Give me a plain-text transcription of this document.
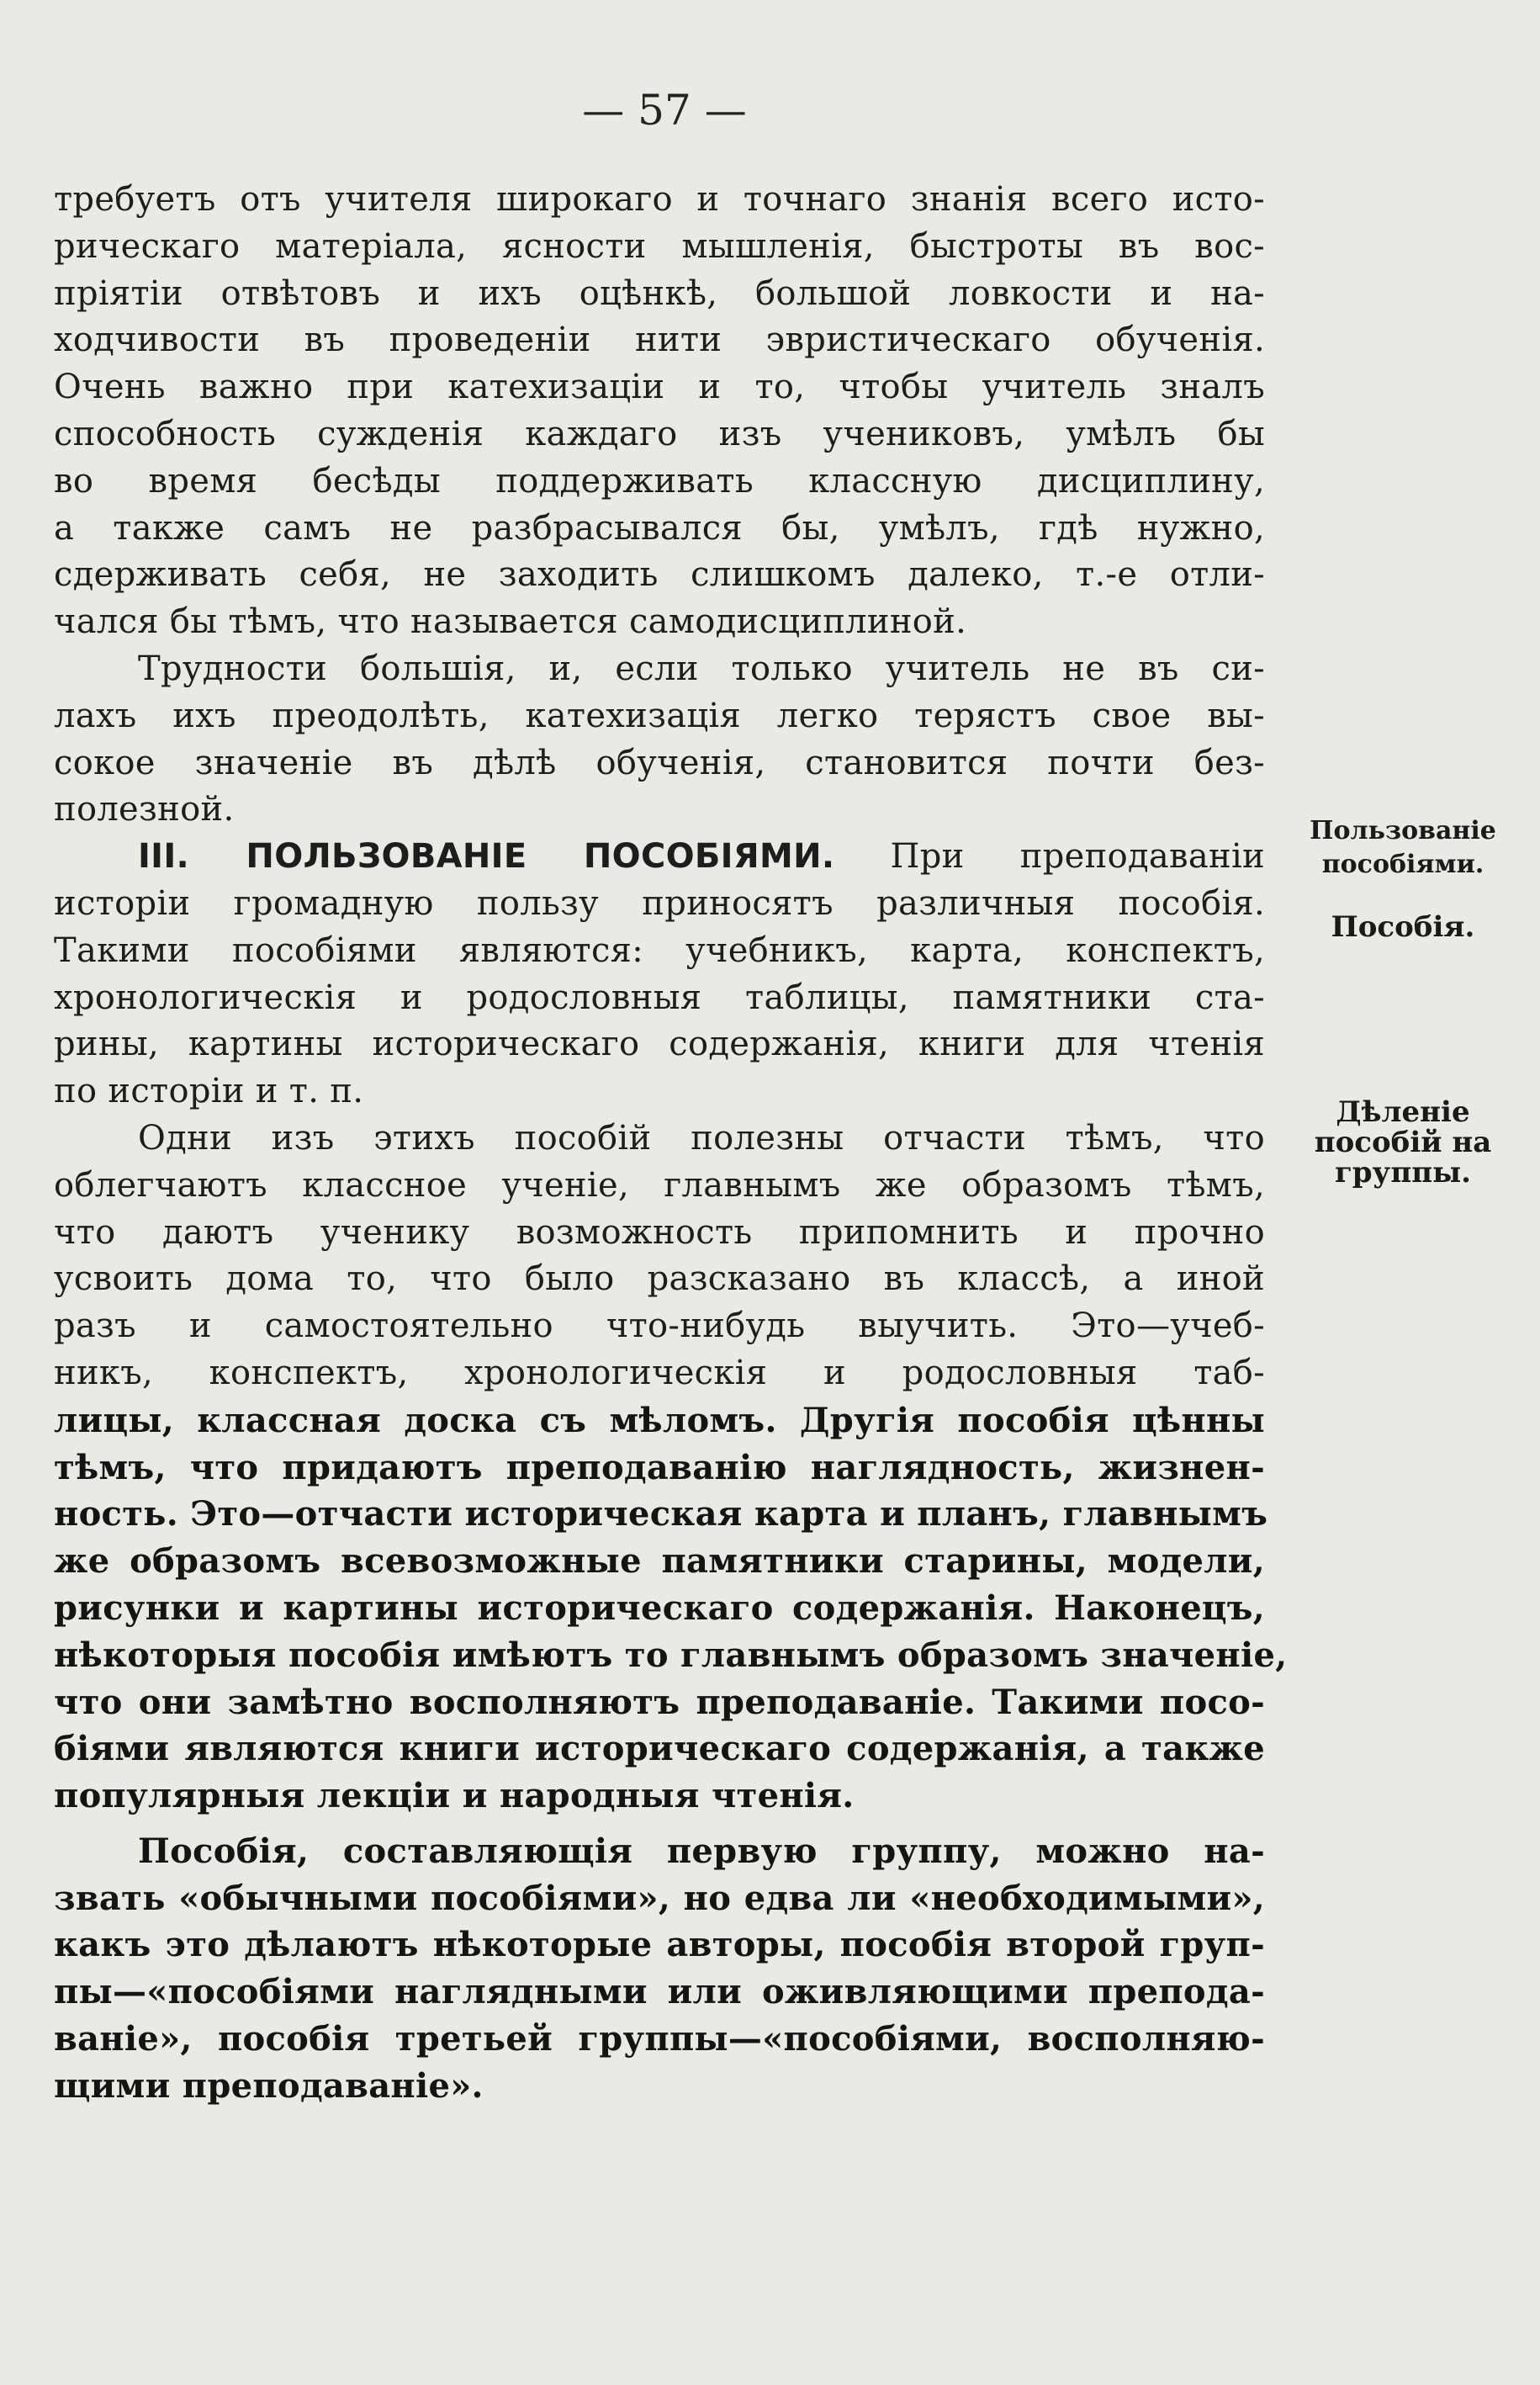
— 57 —
требуетъ отъ учителя широкаго и точнаго знанія всего исто-
рическаго матеріала, ясности мышленія, быстроты въ вос-
пріятіи отвѣтовъ и ихъ оцѣнкѣ, большой ловкости и на-
ходчивости въ проведеніи нити эвристическаго обученія.
Очень важно при катехизаціи и то, чтобы учитель зналъ
способность сужденія каждаго изъ учениковъ, умѣлъ бы
во время бесѣды поддерживать классную дисциплину,
а также самъ не разбрасывался бы, умѣлъ, гдѣ нужно,
сдерживать себя, не заходить слишкомъ далеко, т.-е отли-
чался бы тѣмъ, что называется самодисциплиной.
Трудности большія, и, если только учитель не въ си-
лахъ ихъ преодолѣть, катехизація легко терястъ свое вы-
сокое значеніе въ дѣлѣ обученія, становится почти без-
полезной.
III. ПОЛЬЗОВАНІЕ ПОСОБІЯМИ. При преподаваніи
исторіи громадную пользу приносятъ различныя пособія.
Такими пособіями являются: учебникъ, карта, конспектъ,
хронологическія и родословныя таблицы, памятники ста-
рины, картины историческаго содержанія, книги для чтенія
по исторіи и т. п.
Одни изъ этихъ пособій полезны отчасти тѣмъ, что
облегчаютъ классное ученіе, главнымъ же образомъ тѣмъ,
что даютъ ученику возможность припомнить и прочно
усвоить дома то, что было разсказано въ классѣ, а иной
разъ и самостоятельно что-нибудь выучить. Это—учеб-
никъ, конспектъ, хронологическія и родословныя таб-
лицы, классная доска съ мѣломъ. Другія пособія цѣнны
тѣмъ, что придаютъ преподаванію наглядность, жизнен-
ность. Это—отчасти историческая карта и планъ, главнымъ
же образомъ всевозможные памятники старины, модели,
рисунки и картины историческаго содержанія. Наконецъ,
нѣкоторыя пособія имѣютъ то главнымъ образомъ значеніе,
что они замѣтно восполняютъ преподаваніе. Такими посо-
біями являются книги историческаго содержанія, а также
популярныя лекціи и народныя чтенія.
Пособія, составляющія первую группу, можно на-
звать «обычными пособіями», но едва ли «необходимыми»,
какъ это дѣлаютъ нѣкоторые авторы, пособія второй груп-
пы—«пособіями наглядными или оживляющими препода-
ваніе», пособія третьей группы—«пособіями, восполняю-
щими преподаваніе».
Пользованіе
пособіями.
Пособія.
Дѣленіе
пособій на
группы.
